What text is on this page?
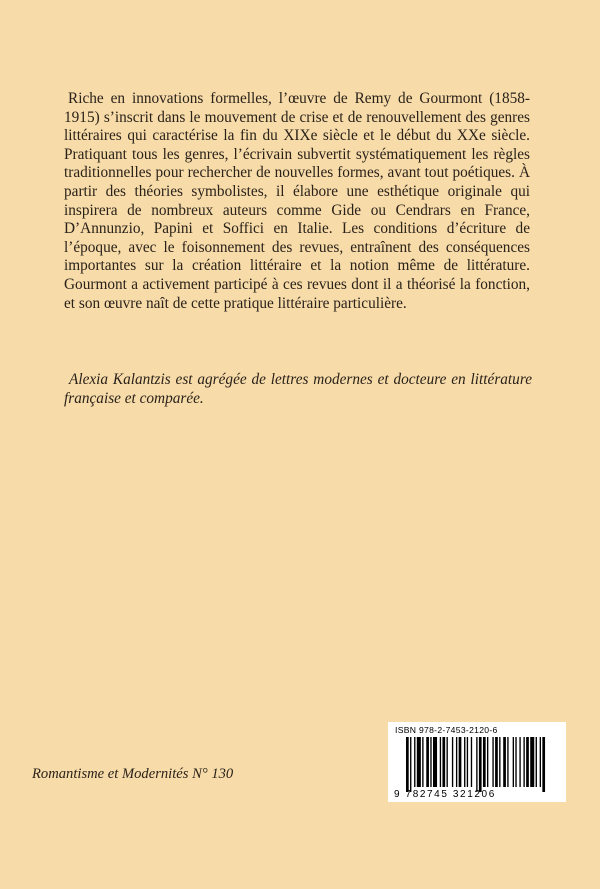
Riche en innovations formelles, l’œuvre de Remy de Gourmont (1858-1915) s’inscrit dans le mouvement de crise et de renouvellement des genres littéraires qui caractérise la fin du XIXe siècle et le début du XXe siècle. Pratiquant tous les genres, l’écrivain subvertit systématiquement les règles traditionnelles pour rechercher de nouvelles formes, avant tout poétiques. À partir des théories symbolistes, il élabore une esthétique originale qui inspirera de nombreux auteurs comme Gide ou Cendrars en France, D’Annunzio, Papini et Soffici en Italie. Les conditions d’écriture de l’époque, avec le foisonnement des revues, entraînent des conséquences importantes sur la création littéraire et la notion même de littérature. Gourmont a activement participé à ces revues dont il a théorisé la fonction, et son œuvre naît de cette pratique littéraire particulière.

Alexia Kalantzis est agrégée de lettres modernes et docteure en littérature française et comparée.

Romantisme et Modernités N° 130

ISBN 978-2-7453-2120-6
9 782745 321206
